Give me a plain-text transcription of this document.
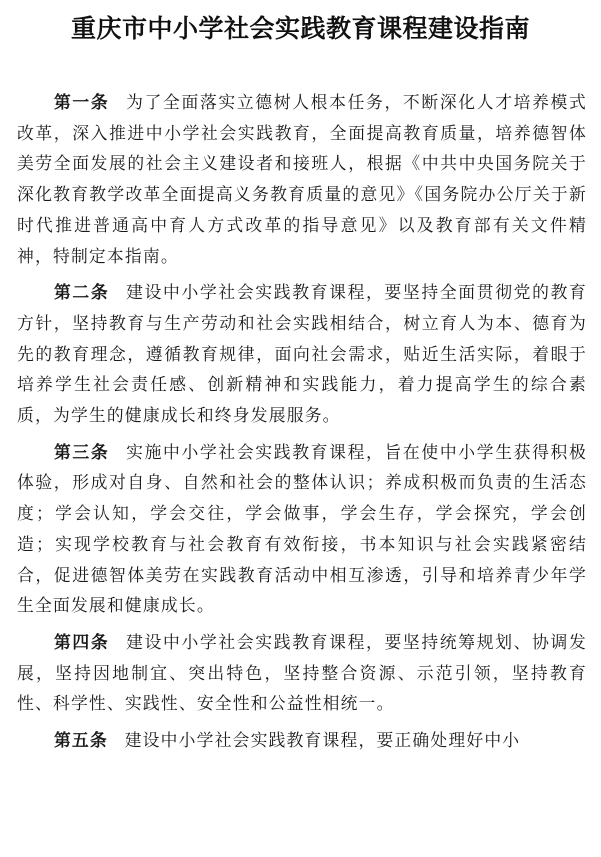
重庆市中小学社会实践教育课程建设指南

第一条 为了全面落实立德树人根本任务，不断深化人才培养模式改革，深入推进中小学社会实践教育，全面提高教育质量，培养德智体美劳全面发展的社会主义建设者和接班人，根据《中共中央国务院关于深化教育教学改革全面提高义务教育质量的意见》《国务院办公厅关于新时代推进普通高中育人方式改革的指导意见》以及教育部有关文件精神，特制定本指南。

第二条 建设中小学社会实践教育课程，要坚持全面贯彻党的教育方针，坚持教育与生产劳动和社会实践相结合，树立育人为本、德育为先的教育理念，遵循教育规律，面向社会需求，贴近生活实际，着眼于培养学生社会责任感、创新精神和实践能力，着力提高学生的综合素质，为学生的健康成长和终身发展服务。

第三条 实施中小学社会实践教育课程，旨在使中小学生获得积极体验，形成对自身、自然和社会的整体认识；养成积极而负责的生活态度；学会认知，学会交往，学会做事，学会生存，学会探究，学会创造；实现学校教育与社会教育有效衔接，书本知识与社会实践紧密结合，促进德智体美劳在实践教育活动中相互渗透，引导和培养青少年学生全面发展和健康成长。

第四条 建设中小学社会实践教育课程，要坚持统筹规划、协调发展，坚持因地制宜、突出特色，坚持整合资源、示范引领，坚持教育性、科学性、实践性、安全性和公益性相统一。

第五条 建设中小学社会实践教育课程，要正确处理好中小
